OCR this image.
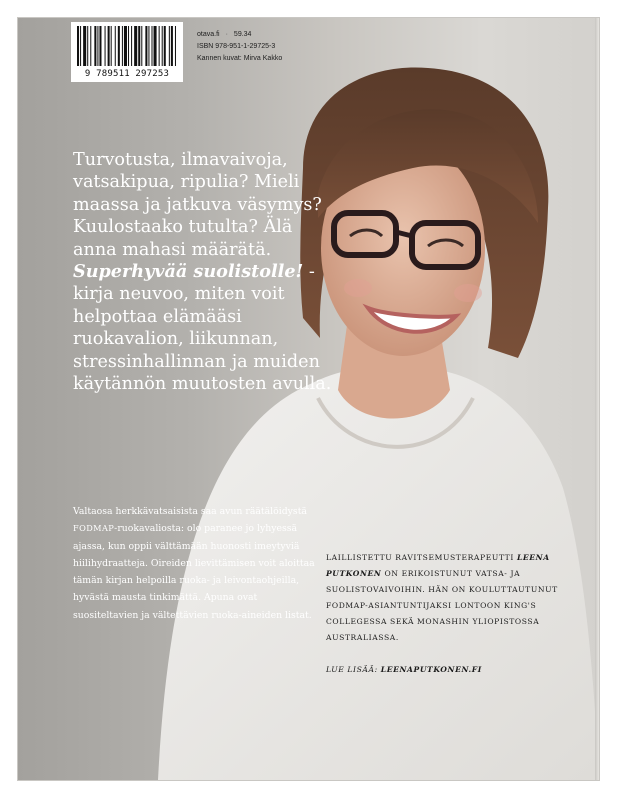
9 789511 297253
otava.fi · 59.34
ISBN 978-951-1-29725-3
Kannen kuvat: Mirva Kakko
Turvotusta, ilmavaivoja, vatsakipua, ripulia? Mieli maassa ja jatkuva väsymys? Kuulostaako tutulta? Älä anna mahasi määrätä. Superhyvää suolistolle! -kirja neuvoo, miten voit helpottaa elämääsi ruokavalion, liikunnan, stressinhallinnan ja muiden käytännön muutosten avulla.
Valtaosa herkkävatsaisista saa avun räätälöidystä FODMAP-ruokavaliosta: olo paranee jo lyhyessä ajassa, kun oppii välttämään huonosti imeytyviä hiilihydraatteja. Oireiden lievittämisen voit aloittaa tämän kirjan helpoilla ruoka- ja leivontaohjeilla, hyvästä mausta tinkimättä. Apuna ovat suositeltavien ja vältettävien ruoka-aineiden listat.
LAILLISTETTU RAVITSEMUSTERAPEUTTI LEENA PUTKONEN ON ERIKOISTUNUT VATSA- JA SUOLISTOVAIVOIHIN. HÄN ON KOULUTTAUTUNUT FODMAP-ASIANTUNTIJAKSI LONTOON KING'S COLLEGESSA SEKÄ MONASHIN YLIOPISTOSSA AUSTRALIASSA.
LUE LISÄÄ: LEENAPUTKONEN.FI
